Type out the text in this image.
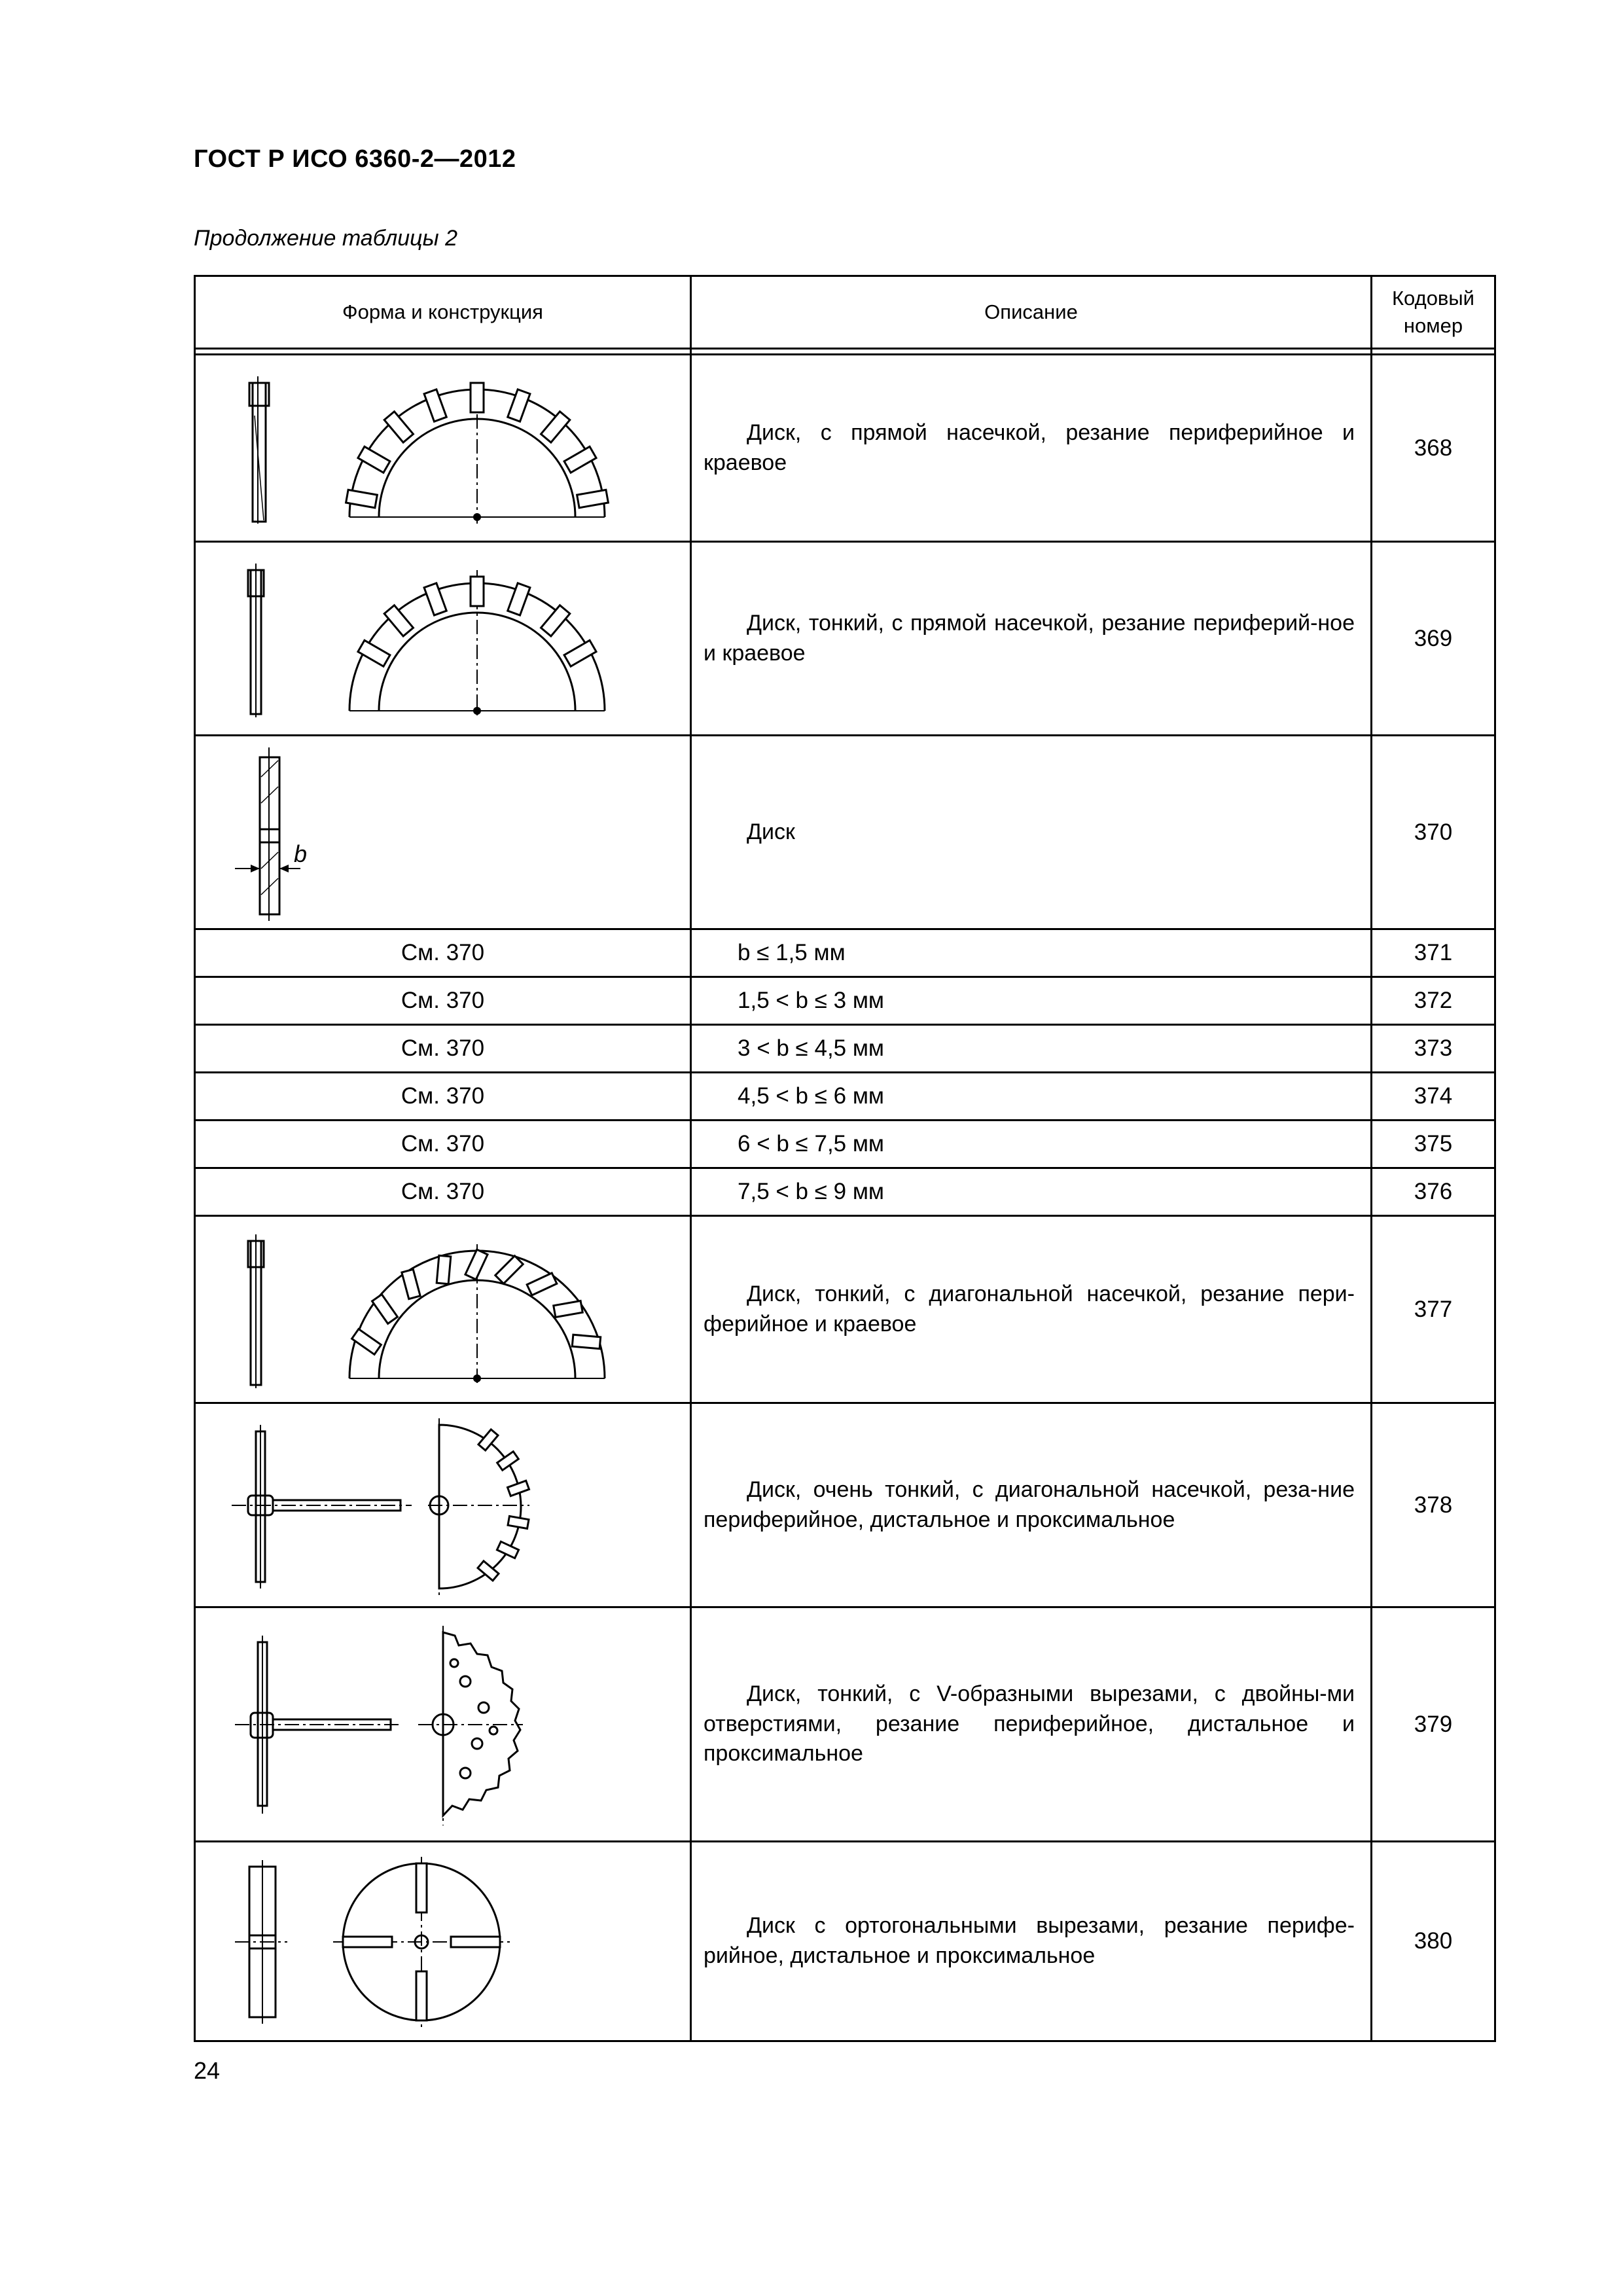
ГОСТ Р ИСО 6360-2—2012
Продолжение таблицы 2
Форма и конструкция	Описание	Кодовый
номер

	Диск, с прямой насечкой, резание периферийное и краевое	368

	Диск, тонкий, с прямой насечкой, резание периферий-ное и краевое	369

b	Диск	370
См. 370	b ≤ 1,5 мм	371
См. 370	1,5 < b ≤ 3 мм	372
См. 370	3 < b ≤ 4,5 мм	373
См. 370	4,5 < b ≤ 6 мм	374
См. 370	6 < b ≤ 7,5 мм	375
См. 370	7,5 < b ≤ 9 мм	376

	Диск, тонкий, с диагональной насечкой, резание пери-ферийное и краевое	377

	Диск, очень тонкий, с диагональной насечкой, реза-ние периферийное, дистальное и проксимальное	378

	Диск, тонкий, с V-образными вырезами, с двойны-ми отверстиями, резание периферийное, дистальное и проксимальное	379

	Диск с ортогональными вырезами, резание перифе-рийное, дистальное и проксимальное	380
24
